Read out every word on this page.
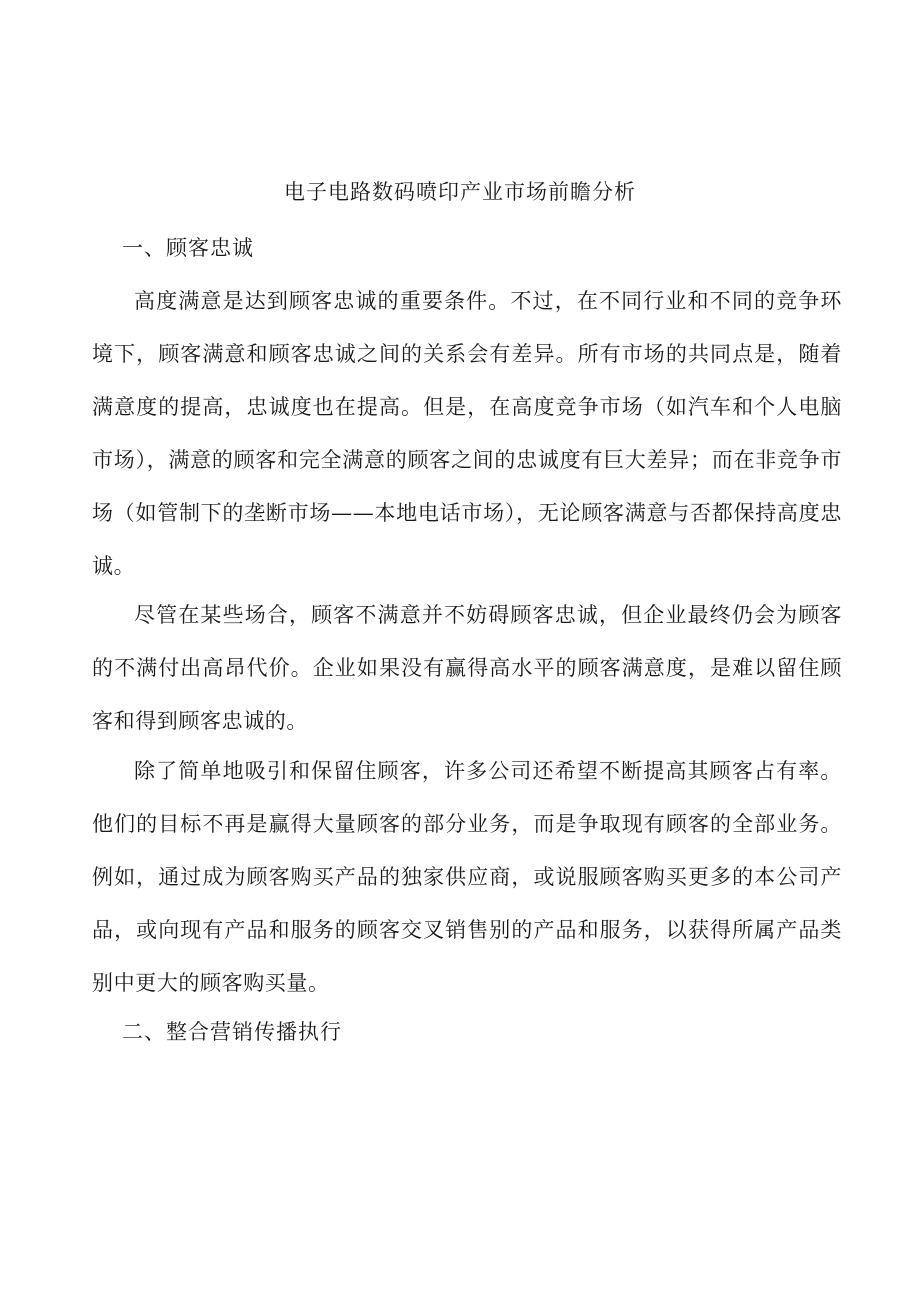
电子电路数码喷印产业市场前瞻分析
一、顾客忠诚

高度满意是达到顾客忠诚的重要条件。不过，在不同行业和不同的竞争环境下，顾客满意和顾客忠诚之间的关系会有差异。所有市场的共同点是，随着满意度的提高，忠诚度也在提高。但是，在高度竞争市场（如汽车和个人电脑市场），满意的顾客和完全满意的顾客之间的忠诚度有巨大差异；而在非竞争市场（如管制下的垄断市场——本地电话市场），无论顾客满意与否都保持高度忠诚。

尽管在某些场合，顾客不满意并不妨碍顾客忠诚，但企业最终仍会为顾客的不满付出高昂代价。企业如果没有赢得高水平的顾客满意度，是难以留住顾客和得到顾客忠诚的。

除了简单地吸引和保留住顾客，许多公司还希望不断提高其顾客占有率。他们的目标不再是赢得大量顾客的部分业务，而是争取现有顾客的全部业务。例如，通过成为顾客购买产品的独家供应商，或说服顾客购买更多的本公司产品，或向现有产品和服务的顾客交叉销售别的产品和服务，以获得所属产品类别中更大的顾客购买量。

二、整合营销传播执行
